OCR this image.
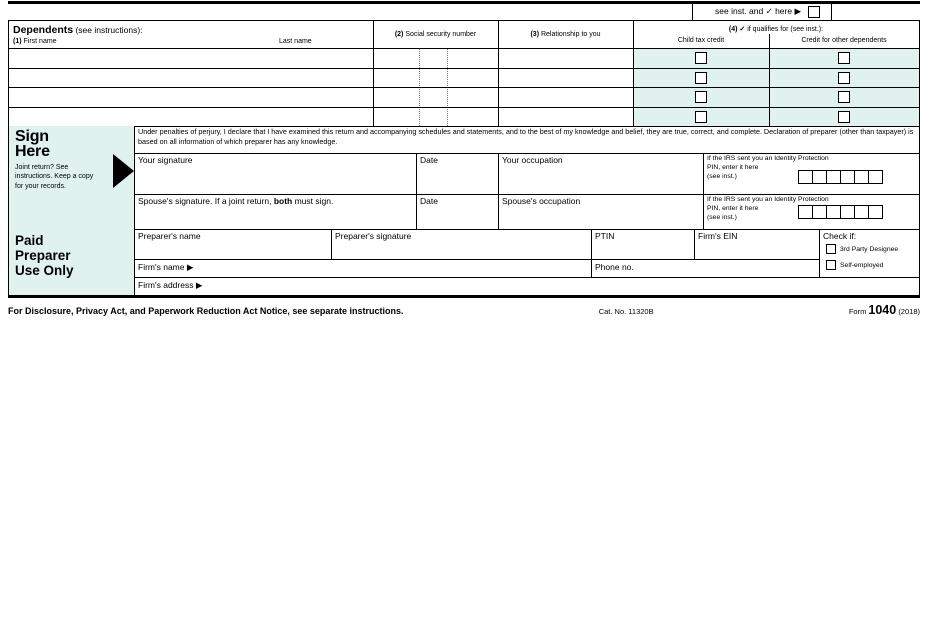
see inst. and ✓ here ▶
Dependents (see instructions):
(1) First name	Last name
(2) Social security number	(3) Relationship to you
(4) ✓ if qualifies for (see inst.):
Child tax credit	Credit for other dependents
Sign Here
Joint return? See instructions. Keep a copy for your records.
Under penalties of perjury, I declare that I have examined this return and accompanying schedules and statements, and to the best of my knowledge and belief, they are true, correct, and complete. Declaration of preparer (other than taxpayer) is based on all information of which preparer has any knowledge.
Your signature	Date	Your occupation	If the IRS sent you an Identity Protection
PIN, enter it here (see inst.)
Spouse's signature. If a joint return, both must sign.	Date	Spouse's occupation	If the IRS sent you an Identity Protection
PIN, enter it here (see inst.)
Paid Preparer Use Only
Preparer's name	Preparer's signature	PTIN	Firm's EIN	Check if:
3rd Party Designee
Self-employed
Firm's name ▶	Phone no.
Firm's address ▶
For Disclosure, Privacy Act, and Paperwork Reduction Act Notice, see separate instructions.	Cat. No. 11320B	Form 1040 (2018)
